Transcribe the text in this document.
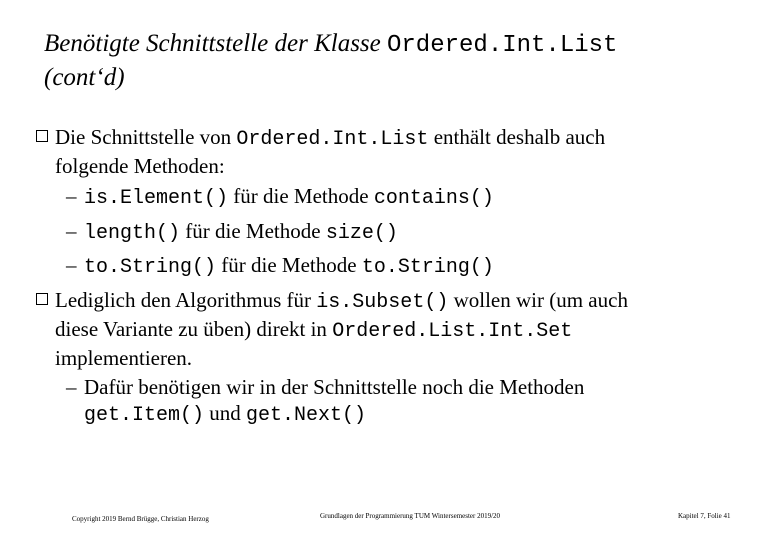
Benötigte Schnittstelle der Klasse Ordered.Int.List
(cont‘d)
Die Schnittstelle von Ordered.Int.List enthält deshalb auch
folgende Methoden:
– is.Element() für die Methode contains()
– length() für die Methode size()
– to.String() für die Methode to.String()
Lediglich den Algorithmus für is.Subset() wollen wir (um auch
diese Variante zu üben) direkt in Ordered.List.Int.Set
implementieren.
– Dafür benötigen wir in der Schnittstelle noch die Methoden
get.Item() und get.Next()
Copyright 2019 Bernd Brügge, Christian Herzog	Grundlagen der Programmierung TUM Wintersemester 2019/20	Kapitel 7, Folie 41
